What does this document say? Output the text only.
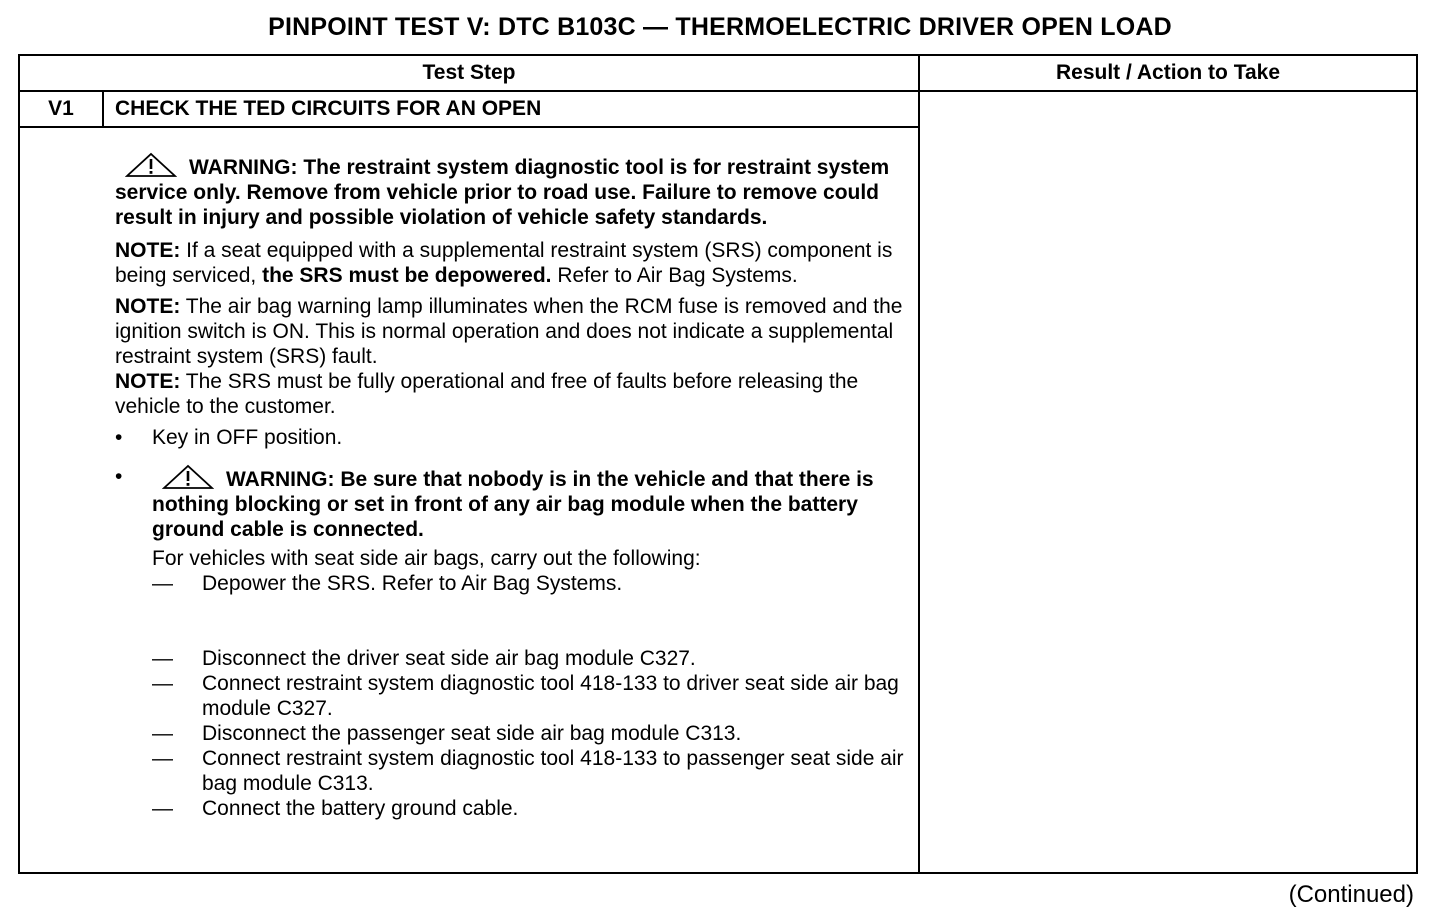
PINPOINT TEST V: DTC B103C — THERMOELECTRIC DRIVER OPEN LOAD
Test Step	Result / Action to Take
V1	CHECK THE TED CIRCUITS FOR AN OPEN

WARNING: The restraint system diagnostic tool is for restraint system service only. Remove from vehicle prior to road use. Failure to remove could result in injury and possible violation of vehicle safety standards.

NOTE: If a seat equipped with a supplemental restraint system (SRS) component is being serviced, the SRS must be depowered. Refer to Air Bag Systems.

NOTE: The air bag warning lamp illuminates when the RCM fuse is removed and the ignition switch is ON. This is normal operation and does not indicate a supplemental restraint system (SRS) fault.

NOTE: The SRS must be fully operational and free of faults before releasing the vehicle to the customer.

• Key in OFF position.
•	WARNING: Be sure that nobody is in the vehicle and that there is nothing blocking or set in front of any air bag module when the battery ground cable is connected.
For vehicles with seat side air bags, carry out the following:
— Depower the SRS. Refer to Air Bag Systems.
— Disconnect the driver seat side air bag module C327.
— Connect restraint system diagnostic tool 418-133 to driver seat side air bag module C327.
— Disconnect the passenger seat side air bag module C313.
— Connect restraint system diagnostic tool 418-133 to passenger seat side air bag module C313.
— Connect the battery ground cable.
(Continued)
